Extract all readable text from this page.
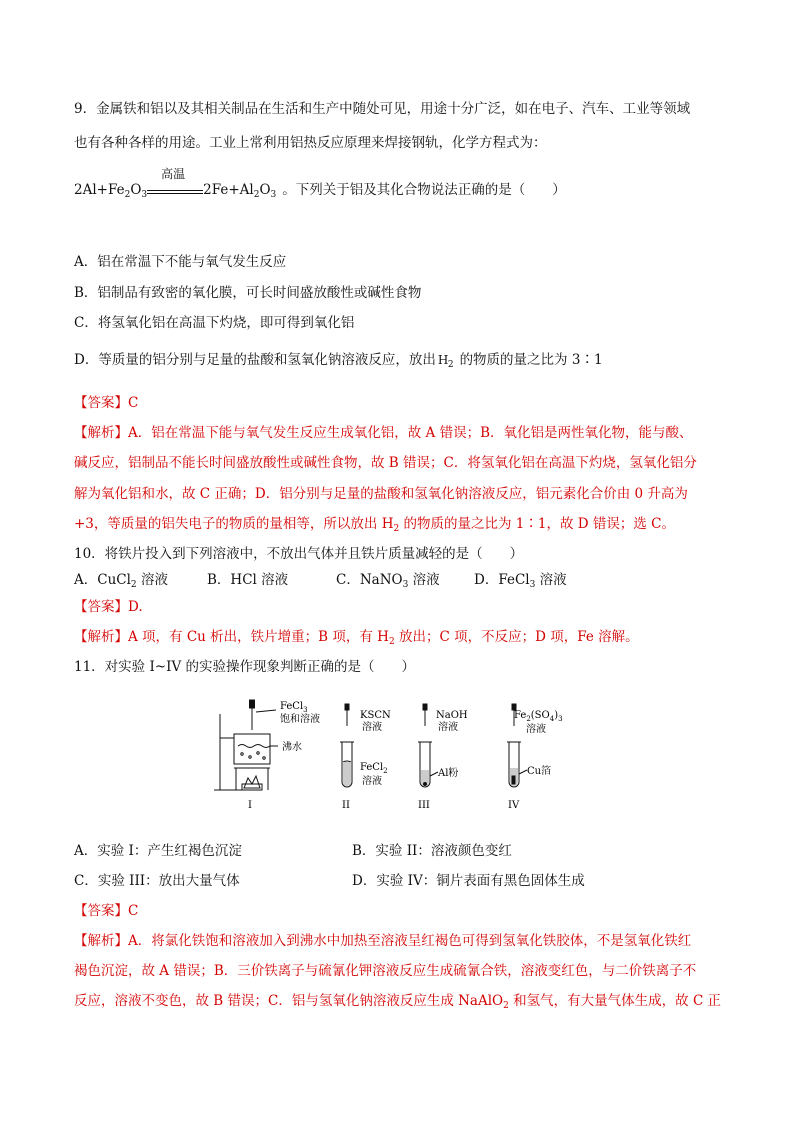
9．金属铁和铝以及其相关制品在生活和生产中随处可见，用途十分广泛，如在电子、汽车、工业等领域
也有各种各样的用途。工业上常利用铝热反应原理来焊接钢轨，化学方程式为：
$2Al+Fe_2O_3$
高温
$2Fe+Al_2O_3$ 。下列关于铝及其化合物说法正确的是（　　）
A．铝在常温下不能与氧气发生反应
B．铝制品有致密的氧化膜，可长时间盛放酸性或碱性食物
C．将氢氧化铝在高温下灼烧，即可得到氧化铝
D．等质量的铝分别与足量的盐酸和氢氧化钠溶液反应，放出 H $_2$ 的物质的量之比为 3∶1
【答案】C
【解析】A．铝在常温下能与氧气发生反应生成氧化铝，故 A 错误；B．氧化铝是两性氧化物，能与酸、
碱反应，铝制品不能长时间盛放酸性或碱性食物，故 B 错误；C．将氢氧化铝在高温下灼烧，氢氧化铝分
解为氧化铝和水，故 C 正确；D．铝分别与足量的盐酸和氢氧化钠溶液反应，铝元素化合价由 0 升高为
+3，等质量的铝失电子的物质的量相等，所以放出 $H_2$ 的物质的量之比为 1∶1，故 D 错误；选 C。
10．将铁片投入到下列溶液中，不放出气体并且铁片质量减轻的是（　　）
A．CuCl$_2$ 溶液	B．HCl 溶液	C．NaNO$_3$ 溶液	D．FeCl$_3$ 溶液
【答案】D.
【解析】A 项，有 Cu 析出，铁片增重；B 项，有 $H_2$ 放出；C 项，不反应；D 项，Fe 溶解。
11．对实验 I~IV 的实验操作现象判断正确的是（　　）
FeCl$_3$
饱和溶液
沸水
I
KSCN
溶液
FeCl$_2$
溶液
II
NaOH
溶液
Al粉
III
$Fe_2(SO_4)_3$
溶液
Cu箔
IV
A．实验 I：产生红褐色沉淀	B．实验 II：溶液颜色变红
C．实验 III：放出大量气体	D．实验 IV：铜片表面有黑色固体生成
【答案】C
【解析】A．将氯化铁饱和溶液加入到沸水中加热至溶液呈红褐色可得到氢氧化铁胶体，不是氢氧化铁红
褐色沉淀，故 A 错误；B．三价铁离子与硫氰化钾溶液反应生成硫氰合铁，溶液变红色，与二价铁离子不
反应，溶液不变色，故 B 错误；C．铝与氢氧化钠溶液反应生成 NaAlO$_2$ 和氢气，有大量气体生成，故 C 正
